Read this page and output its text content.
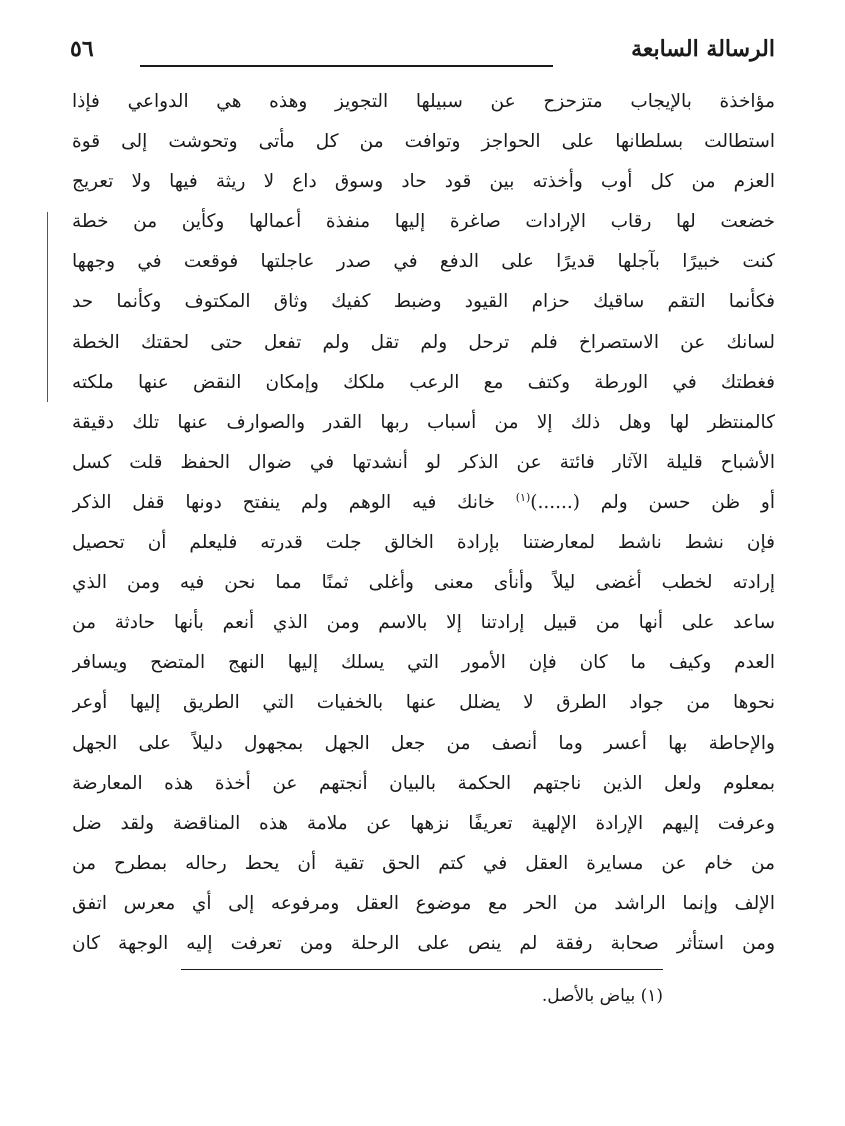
الرسالة السابعة
٥٦
مؤاخذة بالإيجاب متزحزح عن سبيلها التجويز وهذه هي الدواعي فإذا
استطالت بسلطانها على الحواجز وتوافت من كل مأتى وتحوشت إلى قوة
العزم من كل أوب وأخذته بين قود حاد وسوق داع لا ريثة فيها ولا تعريج
خضعت لها رقاب الإرادات صاغرة إليها منفذة أعمالها وكأين من خطة
كنت خبيرًا بآجلها قديرًا على الدفع في صدر عاجلتها فوقعت في وجهها
فكأنما التقم ساقيك حزام القيود وضبط كفيك وثاق المكتوف وكأنما حد
لسانك عن الاستصراخ فلم ترحل ولم تقل ولم تفعل حتى لحقتك الخطة
فغطتك في الورطة وكتف مع الرعب ملكك وإمكان النقض عنها ملكته
كالمنتظر لها وهل ذلك إلا من أسباب ربها القدر والصوارف عنها تلك دقيقة
الأشباح قليلة الآثار فائتة عن الذكر لو أنشدتها في ضوال الحفظ قلت كسل
أو ظن حسن ولم (......)$^{(١)}$ خانك فيه الوهم ولم ينفتح دونها قفل الذكر
فإن نشط ناشط لمعارضتنا بإرادة الخالق جلت قدرته فليعلم أن تحصيل
إرادته لخطب أغضى ليلاً وأنأى معنى وأغلى ثمنًا مما نحن فيه ومن الذي
ساعد على أنها من قبيل إرادتنا إلا بالاسم ومن الذي أنعم بأنها حادثة من
العدم وكيف ما كان فإن الأمور التي يسلك إليها النهج المتضح ويسافر
نحوها من جواد الطرق لا يضلل عنها بالخفيات التي الطريق إليها أوعر
والإحاطة بها أعسر وما أنصف من جعل الجهل بمجهول دليلاً على الجهل
بمعلوم ولعل الذين ناجتهم الحكمة بالبيان أنجتهم عن أخذة هذه المعارضة
وعرفت إليهم الإرادة الإلهية تعريفًا نزهها عن ملامة هذه المناقضة ولقد ضل
من خام عن مسايرة العقل في كتم الحق تقية أن يحط رحاله بمطرح من
الإلف وإنما الراشد من الحر مع موضوع العقل ومرفوعه إلى أي معرس اتفق
ومن استأثر صحابة رفقة لم ينص على الرحلة ومن تعرفت إليه الوجهة كان
(١) بياض بالأصل.
